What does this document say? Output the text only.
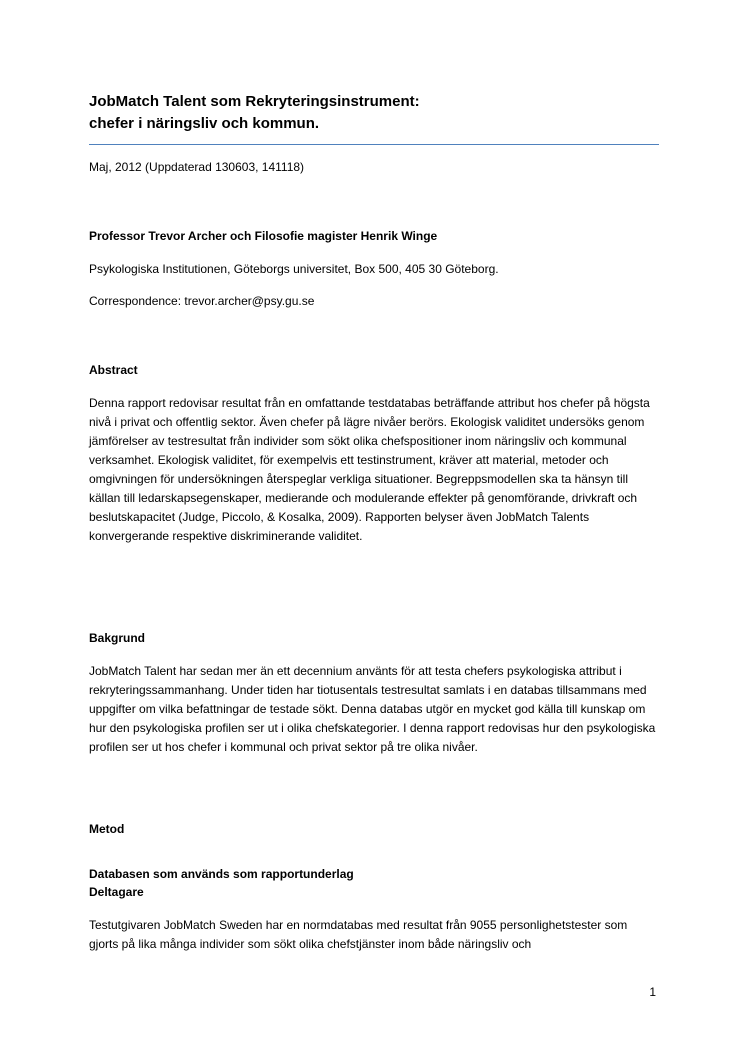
JobMatch Talent som Rekryteringsinstrument:

chefer i näringsliv och kommun.

Maj, 2012 (Uppdaterad 130603, 141118)

Professor Trevor Archer och Filosofie magister Henrik Winge

Psykologiska Institutionen, Göteborgs universitet, Box 500, 405 30 Göteborg.

Correspondence: trevor.archer@psy.gu.se

Abstract

Denna rapport redovisar resultat från en omfattande testdatabas beträffande attribut hos chefer på högsta nivå i privat och offentlig sektor. Även chefer på lägre nivåer berörs. Ekologisk validitet undersöks genom jämförelser av testresultat från individer som sökt olika chefspositioner inom näringsliv och kommunal verksamhet. Ekologisk validitet, för exempelvis ett testinstrument, kräver att material, metoder och omgivningen för undersökningen återspeglar verkliga situationer. Begreppsmodellen ska ta hänsyn till källan till ledarskapsegenskaper, medierande och modulerande effekter på genomförande, drivkraft och beslutskapacitet (Judge, Piccolo, & Kosalka, 2009). Rapporten belyser även JobMatch Talents konvergerande respektive diskriminerande validitet.

Bakgrund

JobMatch Talent har sedan mer än ett decennium använts för att testa chefers psykologiska attribut i rekryteringssammanhang. Under tiden har tiotusentals testresultat samlats i en databas tillsammans med uppgifter om vilka befattningar de testade sökt. Denna databas utgör en mycket god källa till kunskap om hur den psykologiska profilen ser ut i olika chefskategorier. I denna rapport redovisas hur den psykologiska profilen ser ut hos chefer i kommunal och privat sektor på tre olika nivåer.

Metod

Databasen som används som rapportunderlag

Deltagare

Testutgivaren JobMatch Sweden har en normdatabas med resultat från 9055 personlighetstester som gjorts på lika många individer som sökt olika chefstjänster inom både näringsliv och

1
